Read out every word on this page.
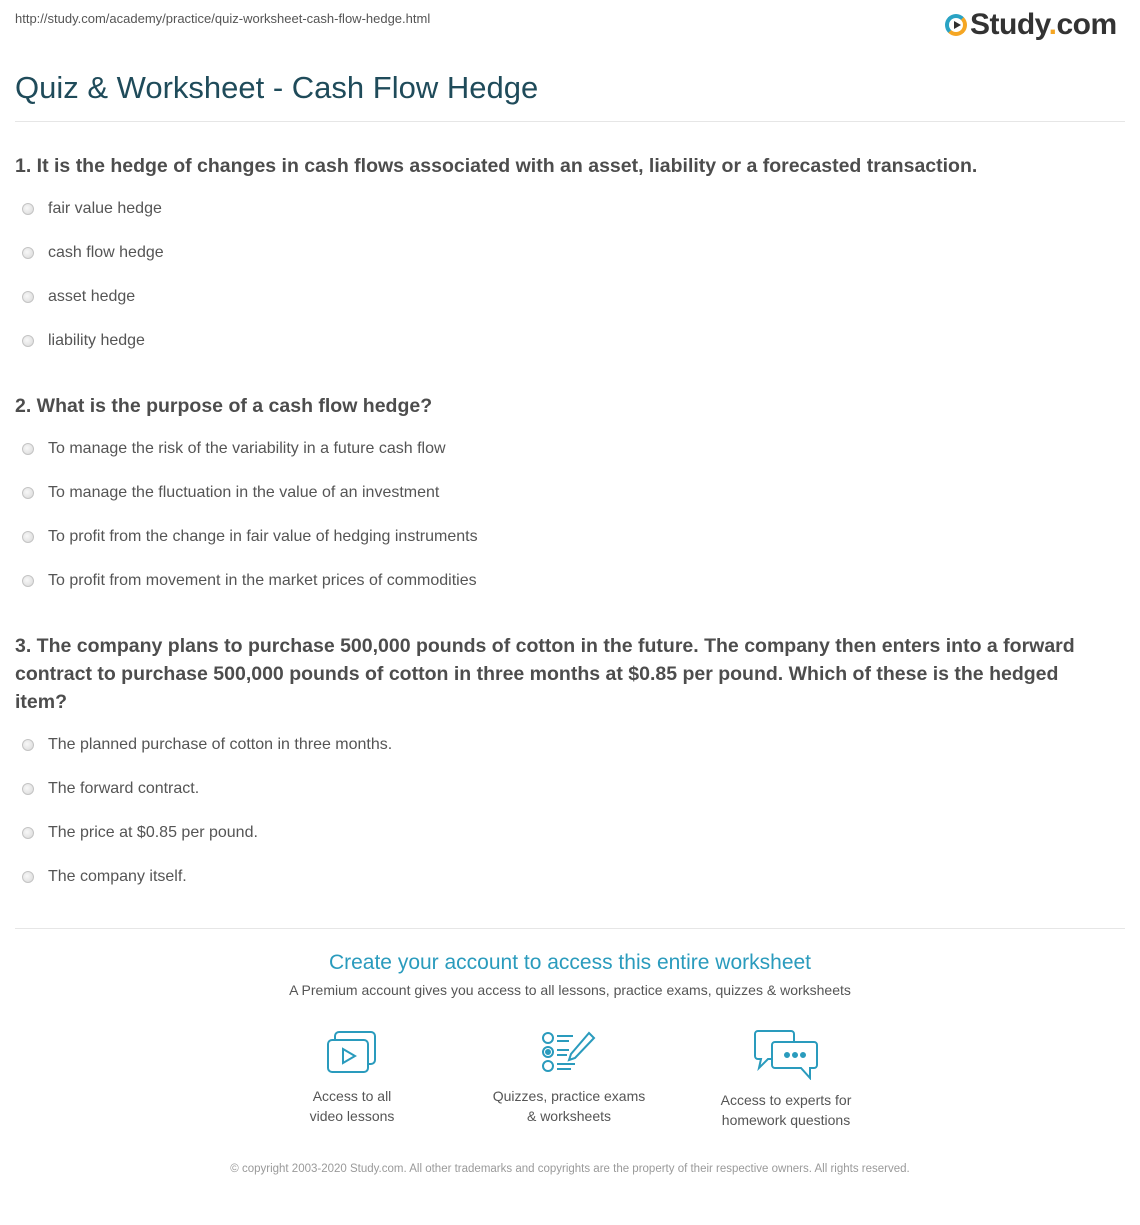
http://study.com/academy/practice/quiz-worksheet-cash-flow-hedge.html	Study.com
Quiz & Worksheet - Cash Flow Hedge

1. It is the hedge of changes in cash flows associated with an asset, liability or a forecasted transaction.

fair value hedge
cash flow hedge
asset hedge
liability hedge

2. What is the purpose of a cash flow hedge?

To manage the risk of the variability in a future cash flow
To manage the fluctuation in the value of an investment
To profit from the change in fair value of hedging instruments
To profit from movement in the market prices of commodities

3. The company plans to purchase 500,000 pounds of cotton in the future. The company then enters into a forward contract to purchase 500,000 pounds of cotton in three months at $0.85 per pound. Which of these is the hedged item?

The planned purchase of cotton in three months.
The forward contract.
The price at $0.85 per pound.
The company itself.
Create your account to access this entire worksheet
A Premium account gives you access to all lessons, practice exams, quizzes & worksheets
Access to all
video lessons
Quizzes, practice exams
& worksheets
Access to experts for
homework questions
© copyright 2003-2020 Study.com. All other trademarks and copyrights are the property of their respective owners. All rights reserved.
